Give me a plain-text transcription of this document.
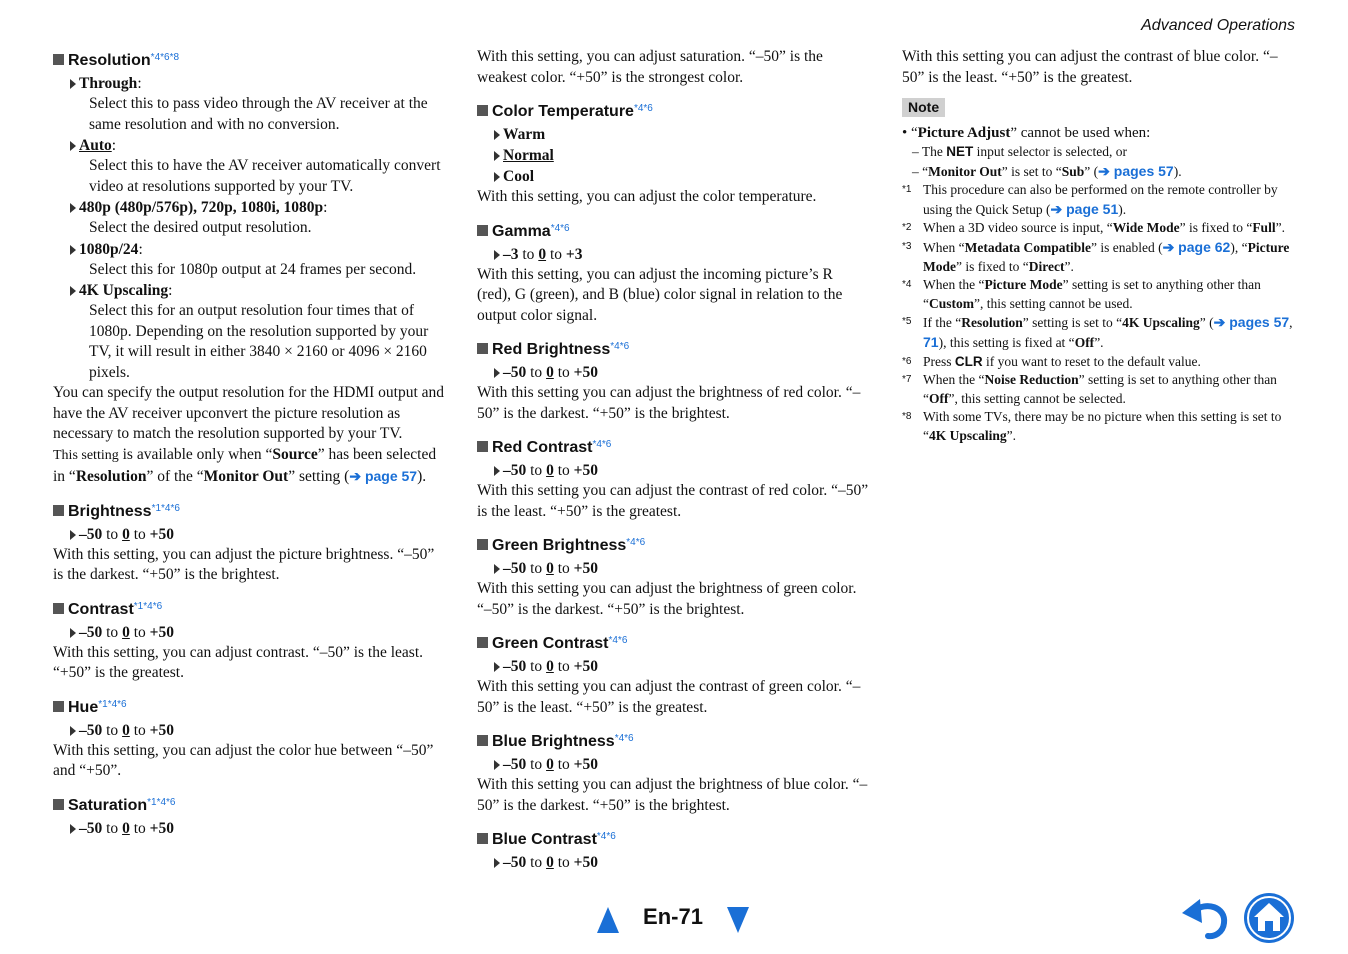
Advanced Operations
Resolution$^{*4*6*8}$
Through:
Select this to pass video through the AV receiver at the same resolution and with no conversion.
Auto:
Select this to have the AV receiver automatically convert video at resolutions supported by your TV.
480p (480p/576p), 720p, 1080i, 1080p:
Select the desired output resolution.
1080p/24:
Select this for 1080p output at 24 frames per second.
4K Upscaling:
Select this for an output resolution four times that of 1080p. Depending on the resolution supported by your TV, it will result in either 3840 × 2160 or 4096 × 2160 pixels.

You can specify the output resolution for the HDMI output and have the AV receiver upconvert the picture resolution as necessary to match the resolution supported by your TV.

This setting is available only when “Source” has been selected in “Resolution” of the “Monitor Out” setting (➔ page 57).

Brightness$^{*1*4*6}$
–50 to 0 to +50

With this setting, you can adjust the picture brightness. “–50” is the darkest. “+50” is the brightest.

Contrast$^{*1*4*6}$
–50 to 0 to +50

With this setting, you can adjust contrast. “–50” is the least. “+50” is the greatest.

Hue$^{*1*4*6}$
–50 to 0 to +50

With this setting, you can adjust the color hue between “–50” and “+50”.

Saturation$^{*1*4*6}$
–50 to 0 to +50

With this setting, you can adjust saturation. “–50” is the weakest color. “+50” is the strongest color.

Color Temperature$^{*4*6}$
Warm
Normal
Cool

With this setting, you can adjust the color temperature.

Gamma$^{*4*6}$
–3 to 0 to +3

With this setting, you can adjust the incoming picture’s R (red), G (green), and B (blue) color signal in relation to the output color signal.

Red Brightness$^{*4*6}$
–50 to 0 to +50

With this setting you can adjust the brightness of red color. “–50” is the darkest. “+50” is the brightest.

Red Contrast$^{*4*6}$
–50 to 0 to +50

With this setting you can adjust the contrast of red color. “–50” is the least. “+50” is the greatest.

Green Brightness$^{*4*6}$
–50 to 0 to +50

With this setting you can adjust the brightness of green color. “–50” is the darkest. “+50” is the brightest.

Green Contrast$^{*4*6}$
–50 to 0 to +50

With this setting you can adjust the contrast of green color. “–50” is the least. “+50” is the greatest.

Blue Brightness$^{*4*6}$
–50 to 0 to +50

With this setting you can adjust the brightness of blue color. “–50” is the darkest. “+50” is the brightest.

Blue Contrast$^{*4*6}$
–50 to 0 to +50

With this setting you can adjust the contrast of blue color. “–50” is the least. “+50” is the greatest.

Note
• “Picture Adjust” cannot be used when:
– The NET input selector is selected, or
– “Monitor Out” is set to “Sub” (➔ pages 57).
*1 This procedure can also be performed on the remote controller by using the Quick Setup (➔ page 51).
*2 When a 3D video source is input, “Wide Mode” is fixed to “Full”.
*3 When “Metadata Compatible” is enabled (➔ page 62), “Picture Mode” is fixed to “Direct”.
*4 When the “Picture Mode” setting is set to anything other than “Custom”, this setting cannot be used.
*5 If the “Resolution” setting is set to “4K Upscaling” (➔ pages 57, 71), this setting is fixed at “Off”.
*6 Press CLR if you want to reset to the default value.
*7 When the “Noise Reduction” setting is set to anything other than “Off”, this setting cannot be selected.
*8 With some TVs, there may be no picture when this setting is set to “4K Upscaling”.
En-71
